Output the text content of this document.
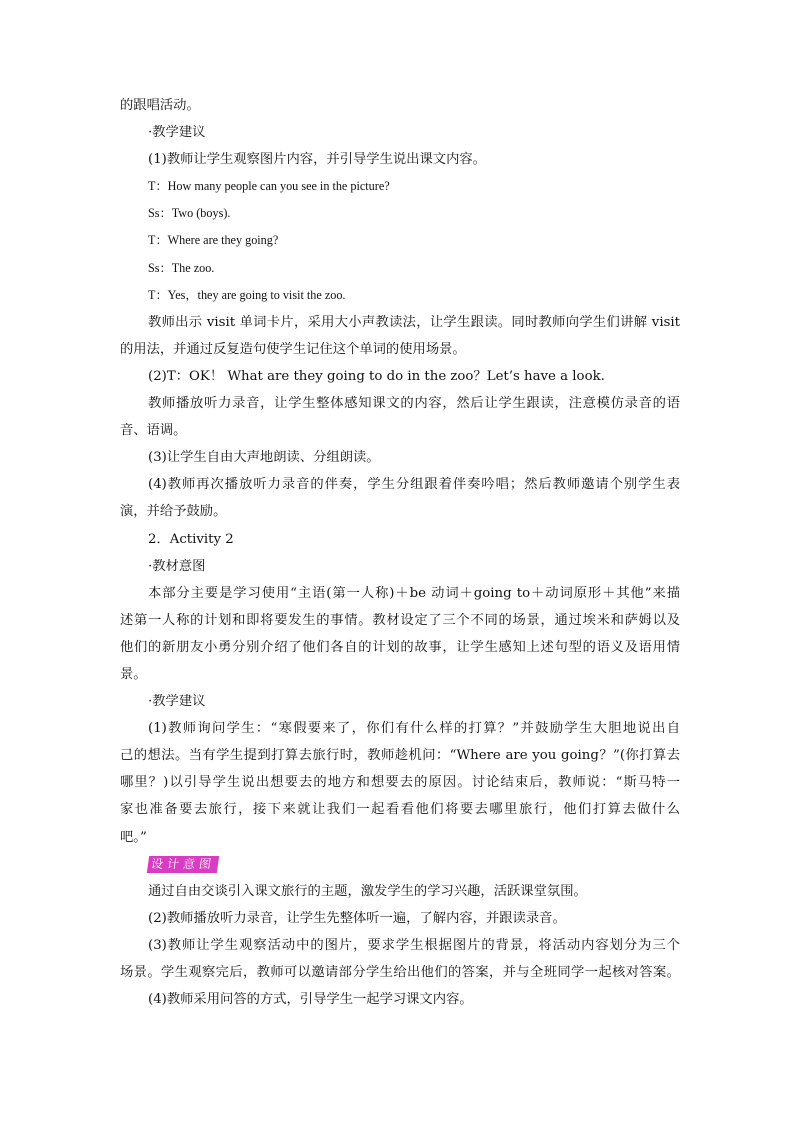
的跟唱活动。
·教学建议
(1)教师让学生观察图片内容，并引导学生说出课文内容。
T：How many people can you see in the picture?
Ss：Two (boys).
T：Where are they going?
Ss：The zoo.
T：Yes，they are going to visit the zoo.
教师出示 visit 单词卡片，采用大小声教读法，让学生跟读。同时教师向学生们讲解 visit
的用法，并通过反复造句使学生记住这个单词的使用场景。
(2)T：OK！ What are they going to do in the zoo？Let’s have a look.
教师播放听力录音，让学生整体感知课文的内容，然后让学生跟读，注意模仿录音的语
音、语调。
(3)让学生自由大声地朗读、分组朗读。
(4)教师再次播放听力录音的伴奏，学生分组跟着伴奏吟唱；然后教师邀请个别学生表
演，并给予鼓励。
2．Activity 2
·教材意图
本部分主要是学习使用“主语(第一人称)＋be 动词＋going to＋动词原形＋其他”来描
述第一人称的计划和即将要发生的事情。教材设定了三个不同的场景，通过埃米和萨姆以及
他们的新朋友小勇分别介绍了他们各自的计划的故事，让学生感知上述句型的语义及语用情
景。
·教学建议
(1)教师询问学生：“寒假要来了，你们有什么样的打算？”并鼓励学生大胆地说出自
己的想法。当有学生提到打算去旅行时，教师趁机问：“Where are you going？”(你打算去
哪里？)以引导学生说出想要去的地方和想要去的原因。讨论结束后，教师说：“斯马特一
家也准备要去旅行，接下来就让我们一起看看他们将要去哪里旅行，他们打算去做什么
吧。”
设计意图
通过自由交谈引入课文旅行的主题，激发学生的学习兴趣，活跃课堂氛围。
(2)教师播放听力录音，让学生先整体听一遍，了解内容，并跟读录音。
(3)教师让学生观察活动中的图片，要求学生根据图片的背景，将活动内容划分为三个
场景。学生观察完后，教师可以邀请部分学生给出他们的答案，并与全班同学一起核对答案。
(4)教师采用问答的方式，引导学生一起学习课文内容。
